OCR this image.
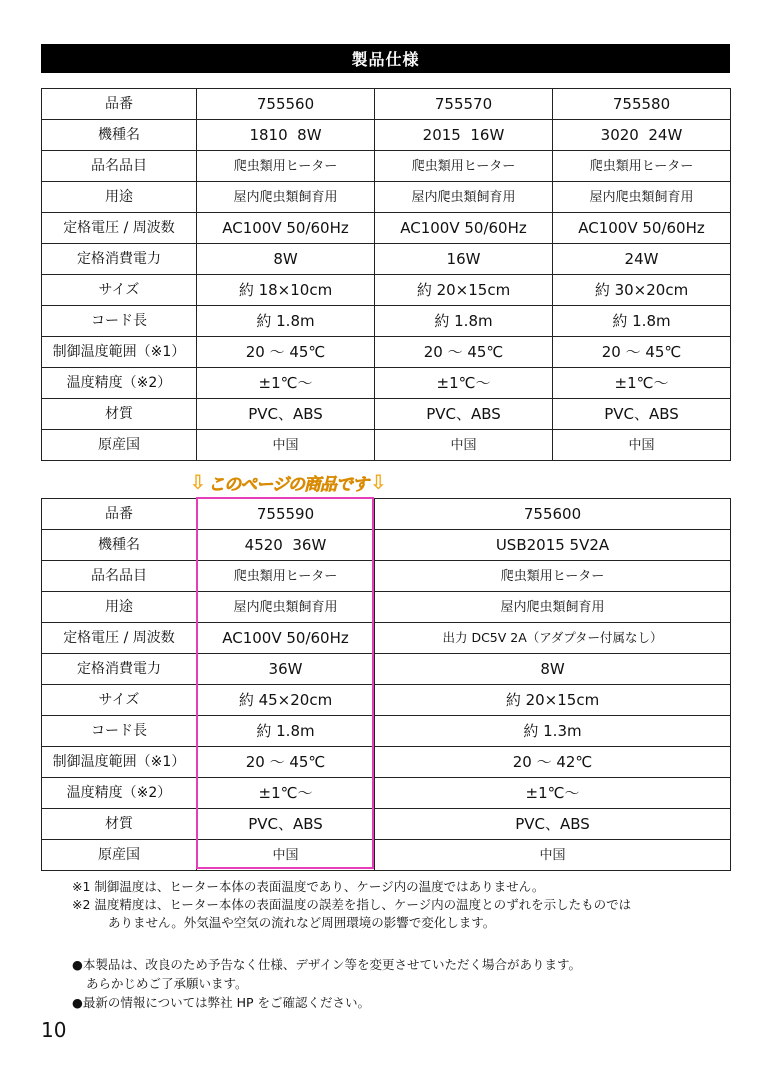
製品仕様
品番	755560	755570	755580
機種名	1810  8W	2015  16W	3020  24W
品名品目	爬虫類用ヒーター	爬虫類用ヒーター	爬虫類用ヒーター
用途	屋内爬虫類飼育用	屋内爬虫類飼育用	屋内爬虫類飼育用
定格電圧 / 周波数	AC100V 50/60Hz	AC100V 50/60Hz	AC100V 50/60Hz
定格消費電力	8W	16W	24W
サイズ	約 18×10cm	約 20×15cm	約 30×20cm
コード長	約 1.8m	約 1.8m	約 1.8m
制御温度範囲（※1）	20 ～ 45℃	20 ～ 45℃	20 ～ 45℃
温度精度（※2）	±1℃～	±1℃～	±1℃～
材質	PVC、ABS	PVC、ABS	PVC、ABS
原産国	中国	中国	中国
⇩ このページの商品です ⇩
品番	755590	755600
機種名	4520  36W	USB2015 5V2A
品名品目	爬虫類用ヒーター	爬虫類用ヒーター
用途	屋内爬虫類飼育用	屋内爬虫類飼育用
定格電圧 / 周波数	AC100V 50/60Hz	出力 DC5V 2A（アダプター付属なし）
定格消費電力	36W	8W
サイズ	約 45×20cm	約 20×15cm
コード長	約 1.8m	約 1.3m
制御温度範囲（※1）	20 ～ 45℃	20 ～ 42℃
温度精度（※2）	±1℃～	±1℃～
材質	PVC、ABS	PVC、ABS
原産国	中国	中国
※1 制御温度は、ヒーター本体の表面温度であり、ケージ内の温度ではありません。
※2 温度精度は、ヒーター本体の表面温度の誤差を指し、ケージ内の温度とのずれを示したものでは
ありません。外気温や空気の流れなど周囲環境の影響で変化します。
●本製品は、改良のため予告なく仕様、デザイン等を変更させていただく場合があります。
あらかじめご了承願います。
●最新の情報については弊社 HP をご確認ください。
10
